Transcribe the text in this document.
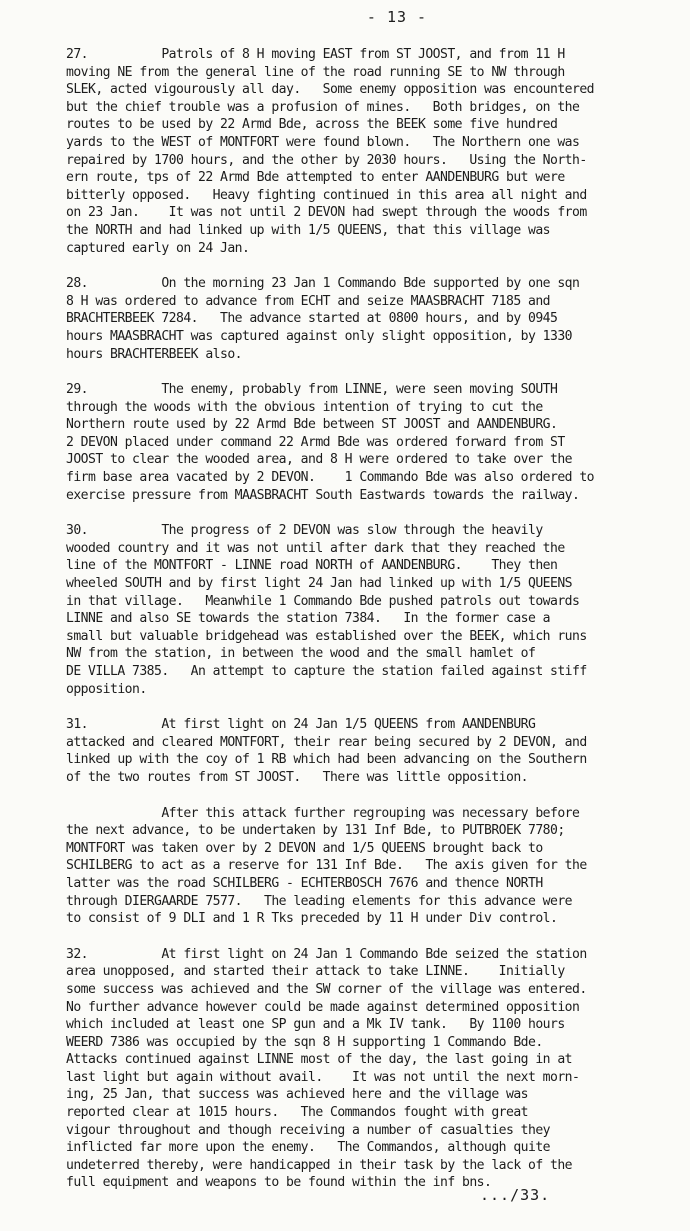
- 13 -

27.          Patrols of 8 H moving EAST from ST JOOST, and from 11 H
moving NE from the general line of the road running SE to NW through
SLEK, acted vigourously all day.   Some enemy opposition was encountered
but the chief trouble was a profusion of mines.   Both bridges, on the
routes to be used by 22 Armd Bde, across the BEEK some five hundred
yards to the WEST of MONTFORT were found blown.   The Northern one was
repaired by 1700 hours, and the other by 2030 hours.   Using the North-
ern route, tps of 22 Armd Bde attempted to enter AANDENBURG but were
bitterly opposed.   Heavy fighting continued in this area all night and
on 23 Jan.    It was not until 2 DEVON had swept through the woods from
the NORTH and had linked up with 1/5 QUEENS, that this village was
captured early on 24 Jan.

28.          On the morning 23 Jan 1 Commando Bde supported by one sqn
8 H was ordered to advance from ECHT and seize MAASBRACHT 7185 and
BRACHTERBEEK 7284.   The advance started at 0800 hours, and by 0945
hours MAASBRACHT was captured against only slight opposition, by 1330
hours BRACHTERBEEK also.

29.          The enemy, probably from LINNE, were seen moving SOUTH
through the woods with the obvious intention of trying to cut the
Northern route used by 22 Armd Bde between ST JOOST and AANDENBURG.
2 DEVON placed under command 22 Armd Bde was ordered forward from ST
JOOST to clear the wooded area, and 8 H were ordered to take over the
firm base area vacated by 2 DEVON.    1 Commando Bde was also ordered to
exercise pressure from MAASBRACHT South Eastwards towards the railway.

30.          The progress of 2 DEVON was slow through the heavily
wooded country and it was not until after dark that they reached the
line of the MONTFORT - LINNE road NORTH of AANDENBURG.    They then
wheeled SOUTH and by first light 24 Jan had linked up with 1/5 QUEENS
in that village.   Meanwhile 1 Commando Bde pushed patrols out towards
LINNE and also SE towards the station 7384.   In the former case a
small but valuable bridgehead was established over the BEEK, which runs
NW from the station, in between the wood and the small hamlet of
DE VILLA 7385.   An attempt to capture the station failed against stiff
opposition.

31.          At first light on 24 Jan 1/5 QUEENS from AANDENBURG
attacked and cleared MONTFORT, their rear being secured by 2 DEVON, and
linked up with the coy of 1 RB which had been advancing on the Southern
of the two routes from ST JOOST.   There was little opposition.

After this attack further regrouping was necessary before
the next advance, to be undertaken by 131 Inf Bde, to PUTBROEK 7780;
MONTFORT was taken over by 2 DEVON and 1/5 QUEENS brought back to
SCHILBERG to act as a reserve for 131 Inf Bde.   The axis given for the
latter was the road SCHILBERG - ECHTERBOSCH 7676 and thence NORTH
through DIERGAARDE 7577.   The leading elements for this advance were
to consist of 9 DLI and 1 R Tks preceded by 11 H under Div control.

32.          At first light on 24 Jan 1 Commando Bde seized the station
area unopposed, and started their attack to take LINNE.    Initially
some success was achieved and the SW corner of the village was entered.
No further advance however could be made against determined opposition
which included at least one SP gun and a Mk IV tank.   By 1100 hours
WEERD 7386 was occupied by the sqn 8 H supporting 1 Commando Bde.
Attacks continued against LINNE most of the day, the last going in at
last light but again without avail.    It was not until the next morn-
ing, 25 Jan, that success was achieved here and the village was
reported clear at 1015 hours.   The Commandos fought with great
vigour throughout and though receiving a number of casualties they
inflicted far more upon the enemy.   The Commandos, although quite
undeterred thereby, were handicapped in their task by the lack of the
full equipment and weapons to be found within the inf bns.

.../33.
